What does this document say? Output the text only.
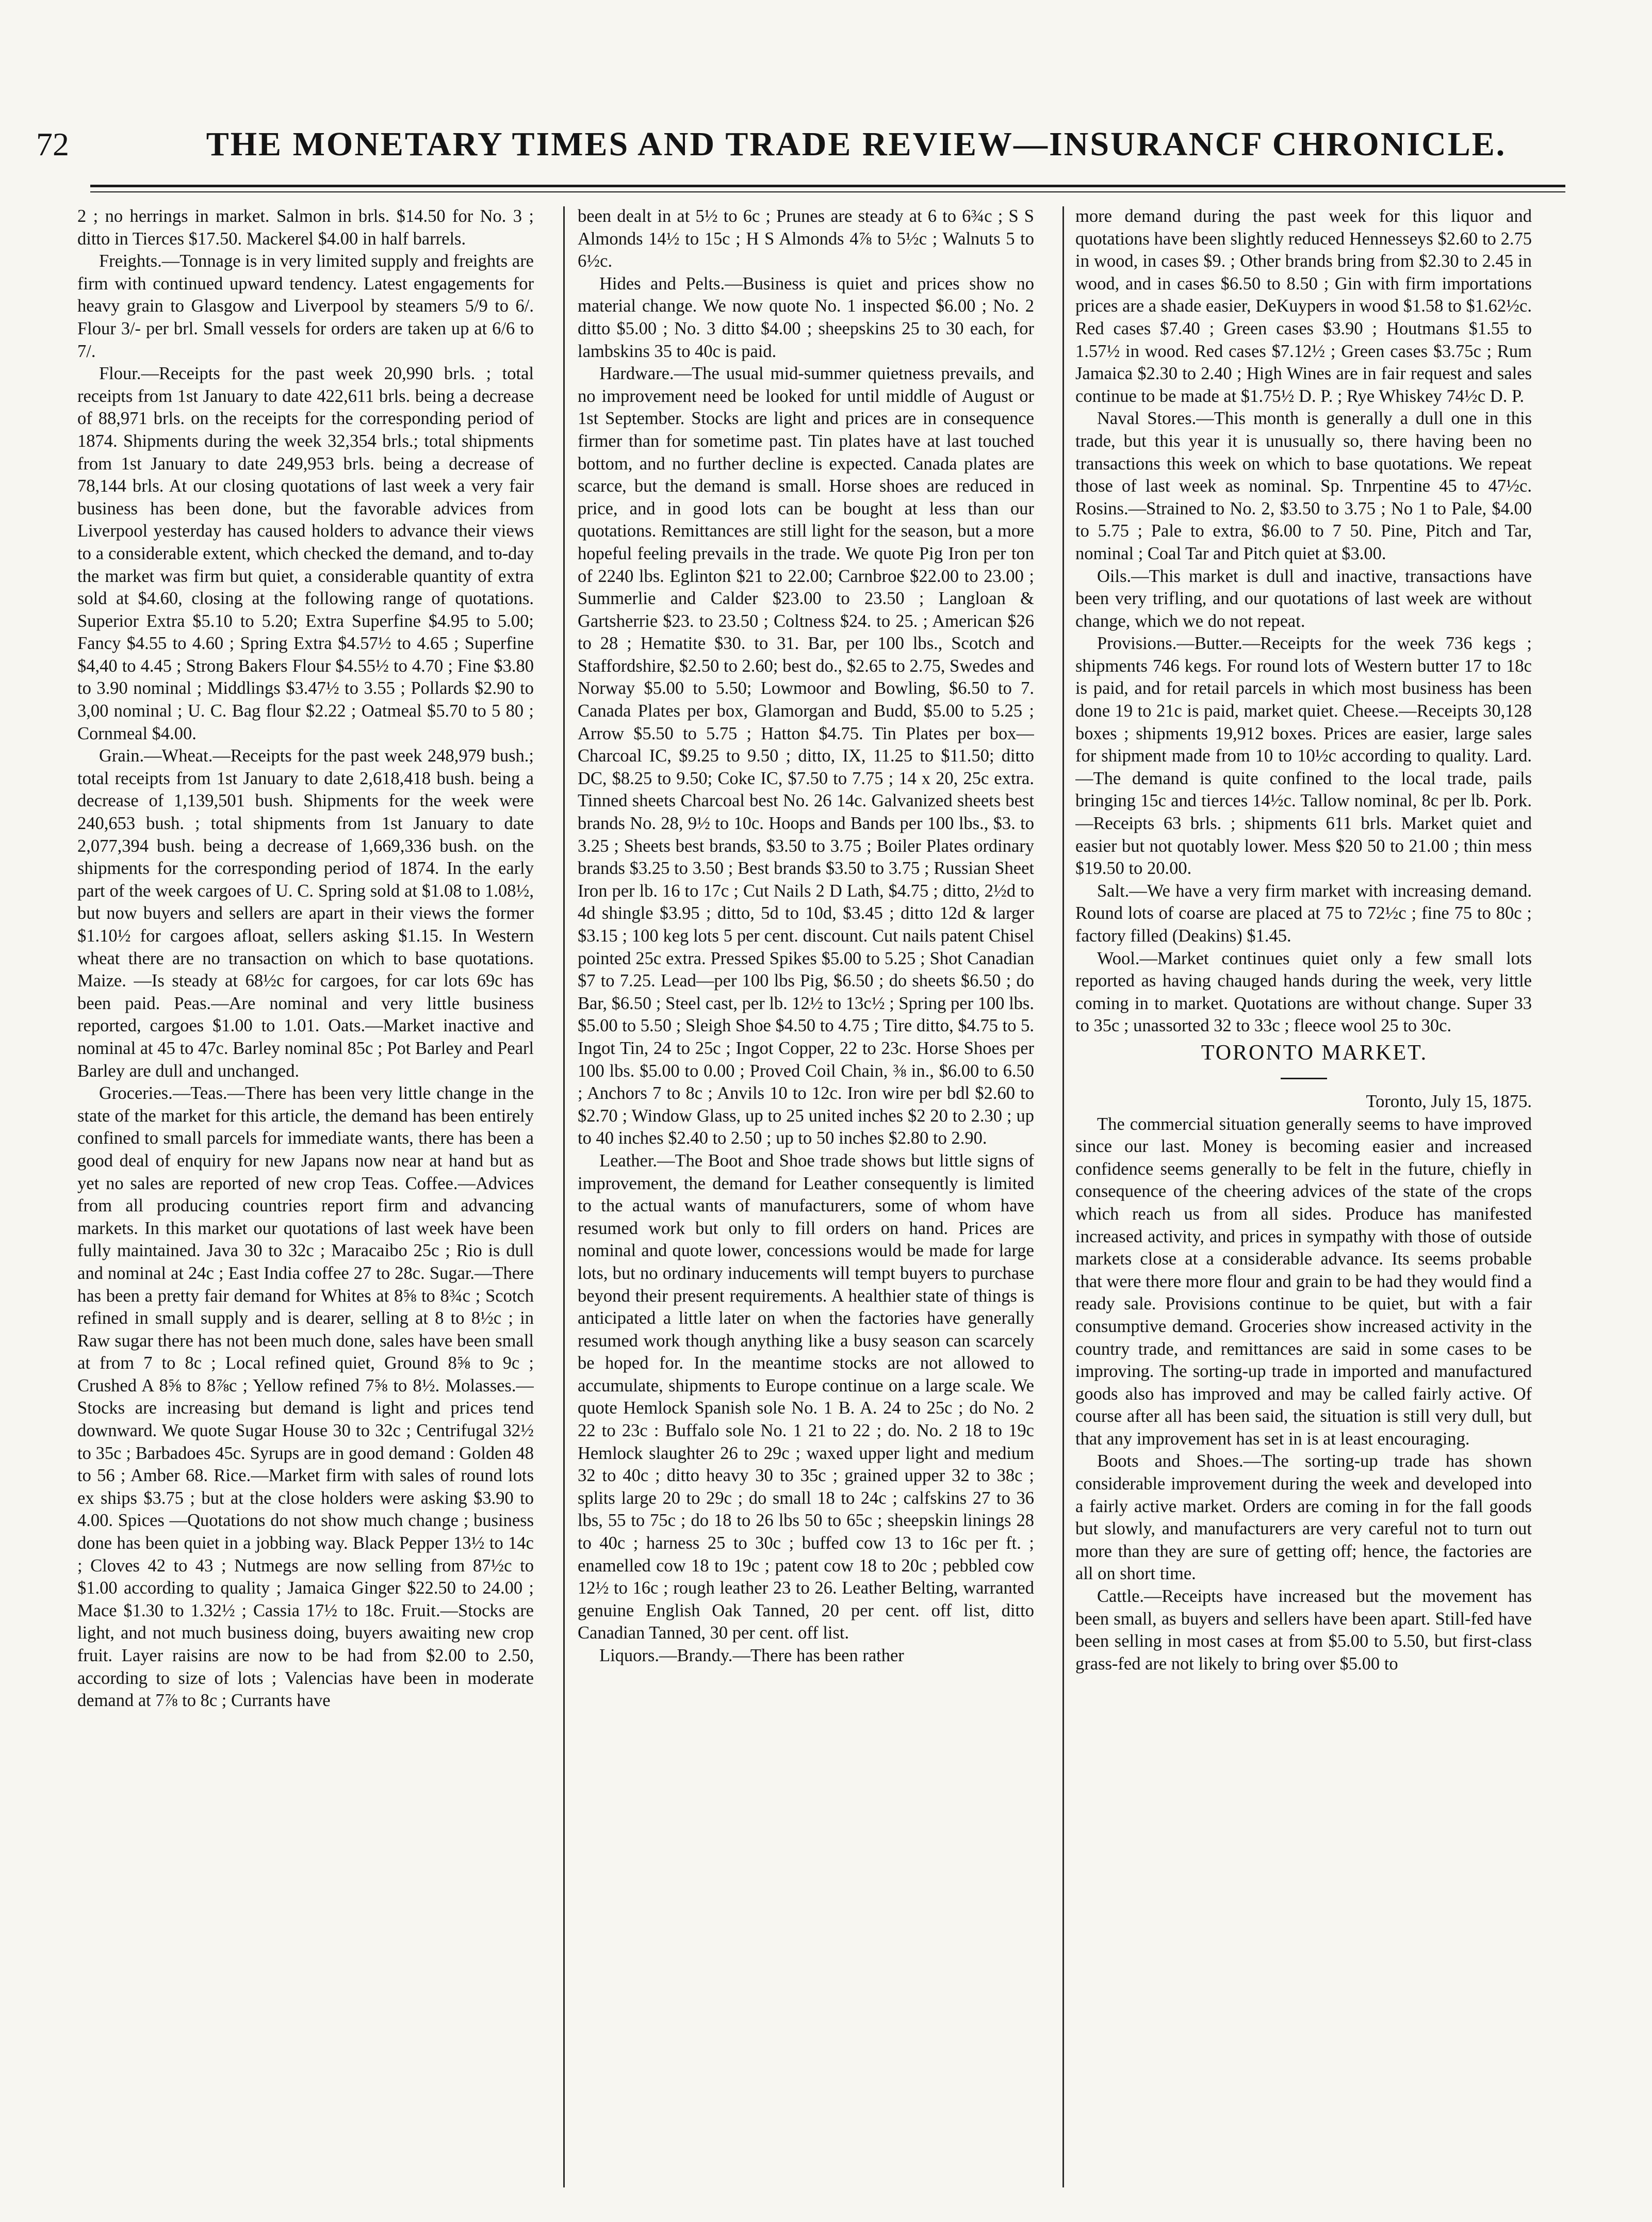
72	THE MONETARY TIMES AND TRADE REVIEW—INSURANCF CHRONICLE.

2 ; no herrings in market. Salmon in brls. $14.50 for No. 3 ; ditto in Tierces $17.50. Mackerel $4.00 in half barrels.

Freights.—Tonnage is in very limited supply and freights are firm with continued upward tendency. Latest engagements for heavy grain to Glasgow and Liverpool by steamers 5/9 to 6/. Flour 3/- per brl. Small vessels for orders are taken up at 6/6 to 7/.

Flour.—Receipts for the past week 20,990 brls. ; total receipts from 1st January to date 422,611 brls. being a decrease of 88,971 brls. on the receipts for the corresponding period of 1874. Shipments during the week 32,354 brls.; total shipments from 1st January to date 249,953 brls. being a decrease of 78,144 brls. At our closing quotations of last week a very fair business has been done, but the favorable advices from Liverpool yesterday has caused holders to advance their views to a considerable extent, which checked the demand, and to-day the market was firm but quiet, a considerable quantity of extra sold at $4.60, closing at the following range of quotations. Superior Extra $5.10 to 5.20; Extra Superfine $4.95 to 5.00; Fancy $4.55 to 4.60 ; Spring Extra $4.57½ to 4.65 ; Superfine $4,40 to 4.45 ; Strong Bakers Flour $4.55½ to 4.70 ; Fine $3.80 to 3.90 nominal ; Middlings $3.47½ to 3.55 ; Pollards $2.90 to 3,00 nominal ; U. C. Bag flour $2.22 ; Oatmeal $5.70 to 5 80 ; Cornmeal $4.00.

Grain.—Wheat.—Receipts for the past week 248,979 bush.; total receipts from 1st January to date 2,618,418 bush. being a decrease of 1,139,501 bush. Shipments for the week were 240,653 bush. ; total shipments from 1st January to date 2,077,394 bush. being a decrease of 1,669,336 bush. on the shipments for the corresponding period of 1874. In the early part of the week cargoes of U. C. Spring sold at $1.08 to 1.08½, but now buyers and sellers are apart in their views the former $1.10½ for cargoes afloat, sellers asking $1.15. In Western wheat there are no transaction on which to base quotations. Maize. —Is steady at 68½c for cargoes, for car lots 69c has been paid. Peas.—Are nominal and very little business reported, cargoes $1.00 to 1.01. Oats.—Market inactive and nominal at 45 to 47c. Barley nominal 85c ; Pot Barley and Pearl Barley are dull and unchanged.

Groceries.—Teas.—There has been very little change in the state of the market for this article, the demand has been entirely confined to small parcels for immediate wants, there has been a good deal of enquiry for new Japans now near at hand but as yet no sales are reported of new crop Teas. Coffee.—Advices from all producing countries report firm and advancing markets. In this market our quotations of last week have been fully maintained. Java 30 to 32c ; Maracaibo 25c ; Rio is dull and nominal at 24c ; East India coffee 27 to 28c. Sugar.—There has been a pretty fair demand for Whites at 8⅝ to 8¾c ; Scotch refined in small supply and is dearer, selling at 8 to 8½c ; in Raw sugar there has not been much done, sales have been small at from 7 to 8c ; Local refined quiet, Ground 8⅝ to 9c ; Crushed A 8⅝ to 8⅞c ; Yellow refined 7⅝ to 8½. Molasses.—Stocks are increasing but demand is light and prices tend downward. We quote Sugar House 30 to 32c ; Centrifugal 32½ to 35c ; Barbadoes 45c. Syrups are in good demand : Golden 48 to 56 ; Amber 68. Rice.—Market firm with sales of round lots ex ships $3.75 ; but at the close holders were asking $3.90 to 4.00. Spices —Quotations do not show much change ; business done has been quiet in a jobbing way. Black Pepper 13½ to 14c ; Cloves 42 to 43 ; Nutmegs are now selling from 87½c to $1.00 according to quality ; Jamaica Ginger $22.50 to 24.00 ; Mace $1.30 to 1.32½ ; Cassia 17½ to 18c. Fruit.—Stocks are light, and not much business doing, buyers awaiting new crop fruit. Layer raisins are now to be had from $2.00 to 2.50, according to size of lots ; Valencias have been in moderate demand at 7⅞ to 8c ; Currants have

been dealt in at 5½ to 6c ; Prunes are steady at 6 to 6¾c ; S S Almonds 14½ to 15c ; H S Almonds 4⅞ to 5½c ; Walnuts 5 to 6½c.

Hides and Pelts.—Business is quiet and prices show no material change. We now quote No. 1 inspected $6.00 ; No. 2 ditto $5.00 ; No. 3 ditto $4.00 ; sheepskins 25 to 30 each, for lambskins 35 to 40c is paid.

Hardware.—The usual mid-summer quietness prevails, and no improvement need be looked for until middle of August or 1st September. Stocks are light and prices are in consequence firmer than for sometime past. Tin plates have at last touched bottom, and no further decline is expected. Canada plates are scarce, but the demand is small. Horse shoes are reduced in price, and in good lots can be bought at less than our quotations. Remittances are still light for the season, but a more hopeful feeling prevails in the trade. We quote Pig Iron per ton of 2240 lbs. Eglinton $21 to 22.00; Carnbroe $22.00 to 23.00 ; Summerlie and Calder $23.00 to 23.50 ; Langloan & Gartsherrie $23. to 23.50 ; Coltness $24. to 25. ; American $26 to 28 ; Hematite $30. to 31. Bar, per 100 lbs., Scotch and Staffordshire, $2.50 to 2.60; best do., $2.65 to 2.75, Swedes and Norway $5.00 to 5.50; Lowmoor and Bowling, $6.50 to 7. Canada Plates per box, Glamorgan and Budd, $5.00 to 5.25 ; Arrow $5.50 to 5.75 ; Hatton $4.75. Tin Plates per box—Charcoal IC, $9.25 to 9.50 ; ditto, IX, 11.25 to $11.50; ditto DC, $8.25 to 9.50; Coke IC, $7.50 to 7.75 ; 14 x 20, 25c extra. Tinned sheets Charcoal best No. 26 14c. Galvanized sheets best brands No. 28, 9½ to 10c. Hoops and Bands per 100 lbs., $3. to 3.25 ; Sheets best brands, $3.50 to 3.75 ; Boiler Plates ordinary brands $3.25 to 3.50 ; Best brands $3.50 to 3.75 ; Russian Sheet Iron per lb. 16 to 17c ; Cut Nails 2 D Lath, $4.75 ; ditto, 2½d to 4d shingle $3.95 ; ditto, 5d to 10d, $3.45 ; ditto 12d & larger $3.15 ; 100 keg lots 5 per cent. discount. Cut nails patent Chisel pointed 25c extra. Pressed Spikes $5.00 to 5.25 ; Shot Canadian $7 to 7.25. Lead—per 100 lbs Pig, $6.50 ; do sheets $6.50 ; do Bar, $6.50 ; Steel cast, per lb. 12½ to 13c½ ; Spring per 100 lbs. $5.00 to 5.50 ; Sleigh Shoe $4.50 to 4.75 ; Tire ditto, $4.75 to 5. Ingot Tin, 24 to 25c ; Ingot Copper, 22 to 23c. Horse Shoes per 100 lbs. $5.00 to 0.00 ; Proved Coil Chain, ⅜ in., $6.00 to 6.50 ; Anchors 7 to 8c ; Anvils 10 to 12c. Iron wire per bdl $2.60 to $2.70 ; Window Glass, up to 25 united inches $2 20 to 2.30 ; up to 40 inches $2.40 to 2.50 ; up to 50 inches $2.80 to 2.90.

Leather.—The Boot and Shoe trade shows but little signs of improvement, the demand for Leather consequently is limited to the actual wants of manufacturers, some of whom have resumed work but only to fill orders on hand. Prices are nominal and quote lower, concessions would be made for large lots, but no ordinary inducements will tempt buyers to purchase beyond their present requirements. A healthier state of things is anticipated a little later on when the factories have generally resumed work though anything like a busy season can scarcely be hoped for. In the meantime stocks are not allowed to accumulate, shipments to Europe continue on a large scale. We quote Hemlock Spanish sole No. 1 B. A. 24 to 25c ; do No. 2 22 to 23c : Buffalo sole No. 1 21 to 22 ; do. No. 2 18 to 19c Hemlock slaughter 26 to 29c ; waxed upper light and medium 32 to 40c ; ditto heavy 30 to 35c ; grained upper 32 to 38c ; splits large 20 to 29c ; do small 18 to 24c ; calfskins 27 to 36 lbs, 55 to 75c ; do 18 to 26 lbs 50 to 65c ; sheepskin linings 28 to 40c ; harness 25 to 30c ; buffed cow 13 to 16c per ft. ; enamelled cow 18 to 19c ; patent cow 18 to 20c ; pebbled cow 12½ to 16c ; rough leather 23 to 26. Leather Belting, warranted genuine English Oak Tanned, 20 per cent. off list, ditto Canadian Tanned, 30 per cent. off list.

Liquors.—Brandy.—There has been rather

more demand during the past week for this liquor and quotations have been slightly reduced Hennesseys $2.60 to 2.75 in wood, in cases $9. ; Other brands bring from $2.30 to 2.45 in wood, and in cases $6.50 to 8.50 ; Gin with firm importations prices are a shade easier, DeKuypers in wood $1.58 to $1.62½c. Red cases $7.40 ; Green cases $3.90 ; Houtmans $1.55 to 1.57½ in wood. Red cases $7.12½ ; Green cases $3.75c ; Rum Jamaica $2.30 to 2.40 ; High Wines are in fair request and sales continue to be made at $1.75½ D. P. ; Rye Whiskey 74½c D. P.

Naval Stores.—This month is generally a dull one in this trade, but this year it is unusually so, there having been no transactions this week on which to base quotations. We repeat those of last week as nominal. Sp. Tnrpentine 45 to 47½c. Rosins.—Strained to No. 2, $3.50 to 3.75 ; No 1 to Pale, $4.00 to 5.75 ; Pale to extra, $6.00 to 7 50. Pine, Pitch and Tar, nominal ; Coal Tar and Pitch quiet at $3.00.

Oils.—This market is dull and inactive, transactions have been very trifling, and our quotations of last week are without change, which we do not repeat.

Provisions.—Butter.—Receipts for the week 736 kegs ; shipments 746 kegs. For round lots of Western butter 17 to 18c is paid, and for retail parcels in which most business has been done 19 to 21c is paid, market quiet. Cheese.—Receipts 30,128 boxes ; shipments 19,912 boxes. Prices are easier, large sales for shipment made from 10 to 10½c according to quality. Lard.—The demand is quite confined to the local trade, pails bringing 15c and tierces 14½c. Tallow nominal, 8c per lb. Pork.—Receipts 63 brls. ; shipments 611 brls. Market quiet and easier but not quotably lower. Mess $20 50 to 21.00 ; thin mess $19.50 to 20.00.

Salt.—We have a very firm market with increasing demand. Round lots of coarse are placed at 75 to 72½c ; fine 75 to 80c ; factory filled (Deakins) $1.45.

Wool.—Market continues quiet only a few small lots reported as having chauged hands during the week, very little coming in to market. Quotations are without change. Super 33 to 35c ; unassorted 32 to 33c ; fleece wool 25 to 30c.

TORONTO MARKET.

Toronto, July 15, 1875.

The commercial situation generally seems to have improved since our last. Money is becoming easier and increased confidence seems generally to be felt in the future, chiefly in consequence of the cheering advices of the state of the crops which reach us from all sides. Produce has manifested increased activity, and prices in sympathy with those of outside markets close at a considerable advance. Its seems probable that were there more flour and grain to be had they would find a ready sale. Provisions continue to be quiet, but with a fair consumptive demand. Groceries show increased activity in the country trade, and remittances are said in some cases to be improving. The sorting-up trade in imported and manufactured goods also has improved and may be called fairly active. Of course after all has been said, the situation is still very dull, but that any improvement has set in is at least encouraging.

Boots and Shoes.—The sorting-up trade has shown considerable improvement during the week and developed into a fairly active market. Orders are coming in for the fall goods but slowly, and manufacturers are very careful not to turn out more than they are sure of getting off; hence, the factories are all on short time.

Cattle.—Receipts have increased but the movement has been small, as buyers and sellers have been apart. Still-fed have been selling in most cases at from $5.00 to 5.50, but first-class grass-fed are not likely to bring over $5.00 to
